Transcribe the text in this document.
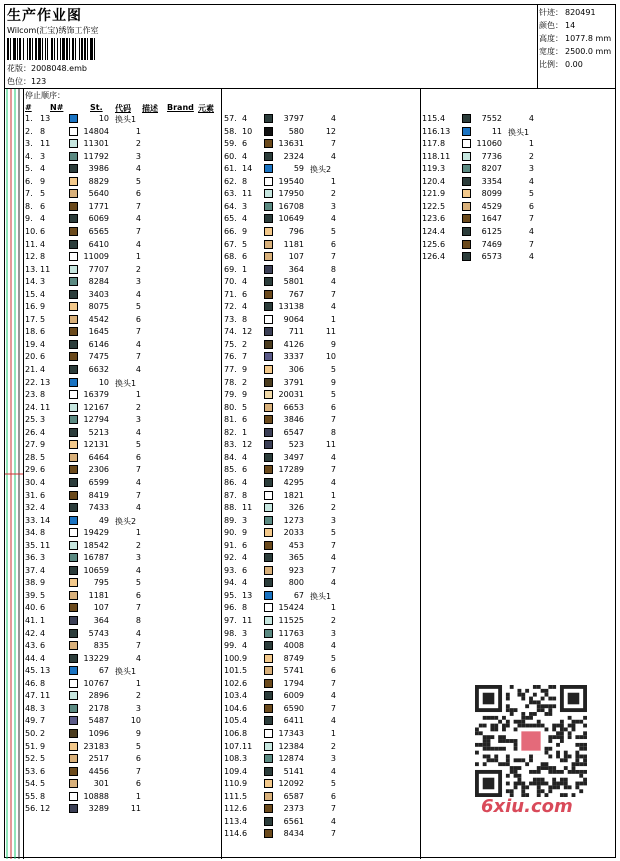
生产作业图
Wilcom(汇宝)​绣饰工作室
花版：2008048.emb
色位：123
针迹： 820491
颜色： 14
高度： 1077.8 mm
宽度： 2500.0 mm
比例： 0.00
停止顺序：
# N#	St. 代码 描述 Brand 元素
1. 13	10 换头1
2. 8	14804	1
3. 11	11301	2
4. 3	11792	3
5. 4	3986	4
6. 9	8829	5
7. 5	5640	6
8. 6	1771	7
9. 4	6069	4
10. 6	6565	7
11. 4	6410	4
12. 8	11009	1
13. 11	7707	2
14. 3	8284	3
15. 4	3403	4
16. 9	8075	5
17. 5	4542	6
18. 6	1645	7
19. 4	6146	4
20. 6	7475	7
21. 4	6632	4
22. 13	10 换头1
23. 8	16379	1
24. 11	12167	2
25. 3	12794	3
26. 4	5213	4
27. 9	12131	5
28. 5	6464	6
29. 6	2306	7
30. 4	6599	4
31. 6	8419	7
32. 4	7433	4
33. 14	49 换头2
34. 8	19429	1
35. 11	18542	2
36. 3	16787	3
37. 4	10659	4
38. 9	795	5
39. 5	1181	6
40. 6	107	7
41. 1	364	8
42. 4	5743	4
43. 6	835	7
44. 4	13229	4
45. 13	67 换头1
46. 8	10767	1
47. 11	2896	2
48. 3	2178	3
49. 7	5487	10
50. 2	1096	9
51. 9	23183	5
52. 5	2517	6
53. 6	4456	7
54. 5	301	6
55. 8	10888	1
56. 12	3289	11
57. 4	3797	4
58. 10	580	12
59. 6	13631	7
60. 4	2324	4
61. 14	59 换头2
62. 8	19540	1
63. 11	17950	2
64. 3	16708	3
65. 4	10649	4
66. 9	796	5
67. 5	1181	6
68. 6	107	7
69. 1	364	8
70. 4	5801	4
71. 6	767	7
72. 4	13138	4
73. 8	9064	1
74. 12	711	11
75. 2	4126	9
76. 7	3337	10
77. 9	306	5
78. 2	3791	9
79. 9	20031	5
80. 5	6653	6
81. 6	3846	7
82. 1	6547	8
83. 12	523	11
84. 4	3497	4
85. 6	17289	7
86. 4	4295	4
87. 8	1821	1
88. 11	326	2
89. 3	1273	3
90. 9	2033	5
91. 6	453	7
92. 4	365	4
93. 6	923	7
94. 4	800	4
95. 13	67 换头1
96. 8	15424	1
97. 11	11525	2
98. 3	11763	3
99. 4	4008	4
100. 9	8749	5
101. 5	5741	6
102. 6	1794	7
103. 4	6009	4
104. 6	6590	7
105. 4	6411	4
106. 8	17343	1
107. 11	12384	2
108. 3	12874	3
109. 4	5141	4
110. 9	12092	5
111. 5	6587	6
112. 6	2373	7
113. 4	6561	4
114. 6	8434	7
115. 4	7552	4
116. 13	11 换头1
117. 8	11060	1
118. 11	7736	2
119. 3	8207	3
120. 4	3354	4
121. 9	8099	5
122. 5	4529	6
123. 6	1647	7
124. 4	6125	4
125. 6	7469	7
126. 4	6573	4
6xiu.com
